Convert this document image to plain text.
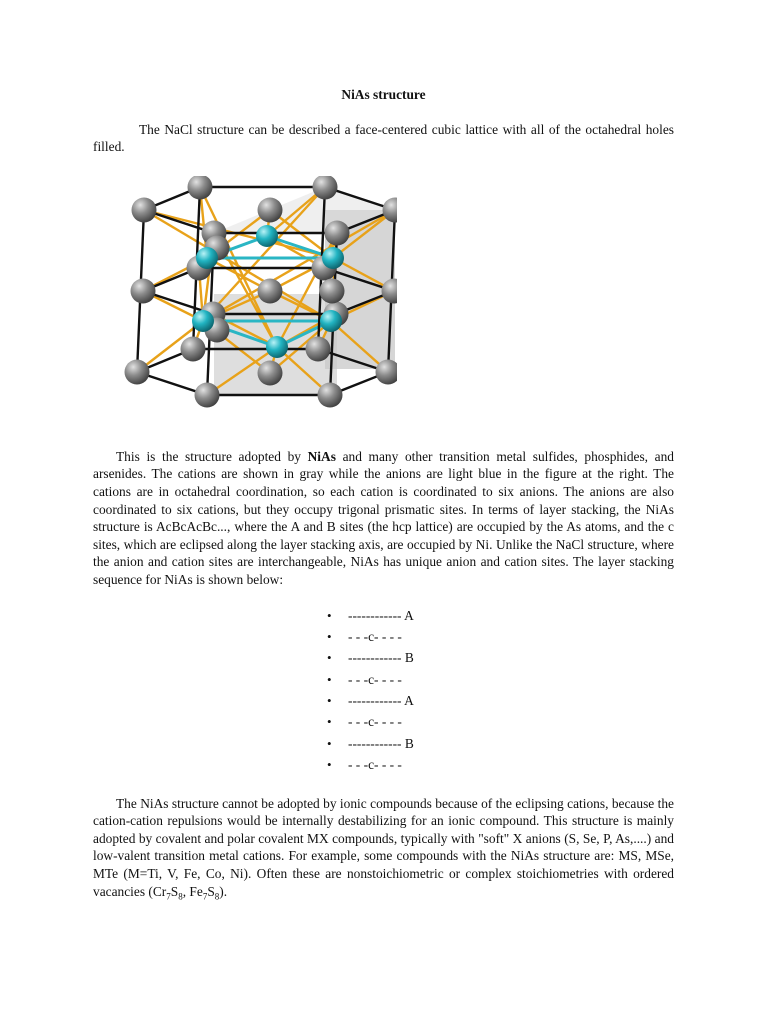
NiAs structure

The NaCl structure can be described a face-centered cubic lattice with all of the octahedral holes filled.

This is the structure adopted by NiAs and many other transition metal sulfides, phosphides, and arsenides. The cations are shown in gray while the anions are light blue in the figure at the right. The cations are in octahedral coordination, so each cation is coordinated to six anions. The anions are also coordinated to six cations, but they occupy trigonal prismatic sites. In terms of layer stacking, the NiAs structure is AcBcAcBc..., where the A and B sites (the hcp lattice) are occupied by the As atoms, and the c sites, which are eclipsed along the layer stacking axis, are occupied by Ni. Unlike the NaCl structure, where the anion and cation sites are interchangeable, NiAs has unique anion and cation sites. The layer stacking sequence for NiAs is shown below:

• ------------ A
• - - -c- - - -
• ------------ B
• - - -c- - - -
• ------------ A
• - - -c- - - -
• ------------ B
• - - -c- - - -

The NiAs structure cannot be adopted by ionic compounds because of the eclipsing cations, because the cation-cation repulsions would be internally destabilizing for an ionic compound. This structure is mainly adopted by covalent and polar covalent MX compounds, typically with "soft" X anions (S, Se, P, As,....) and low-valent transition metal cations. For example, some compounds with the NiAs structure are: MS, MSe, MTe (M=Ti, V, Fe, Co, Ni). Often these are nonstoichiometric or complex stoichiometries with ordered vacancies ($Cr_7S_8$, $Fe_7S_8$).
